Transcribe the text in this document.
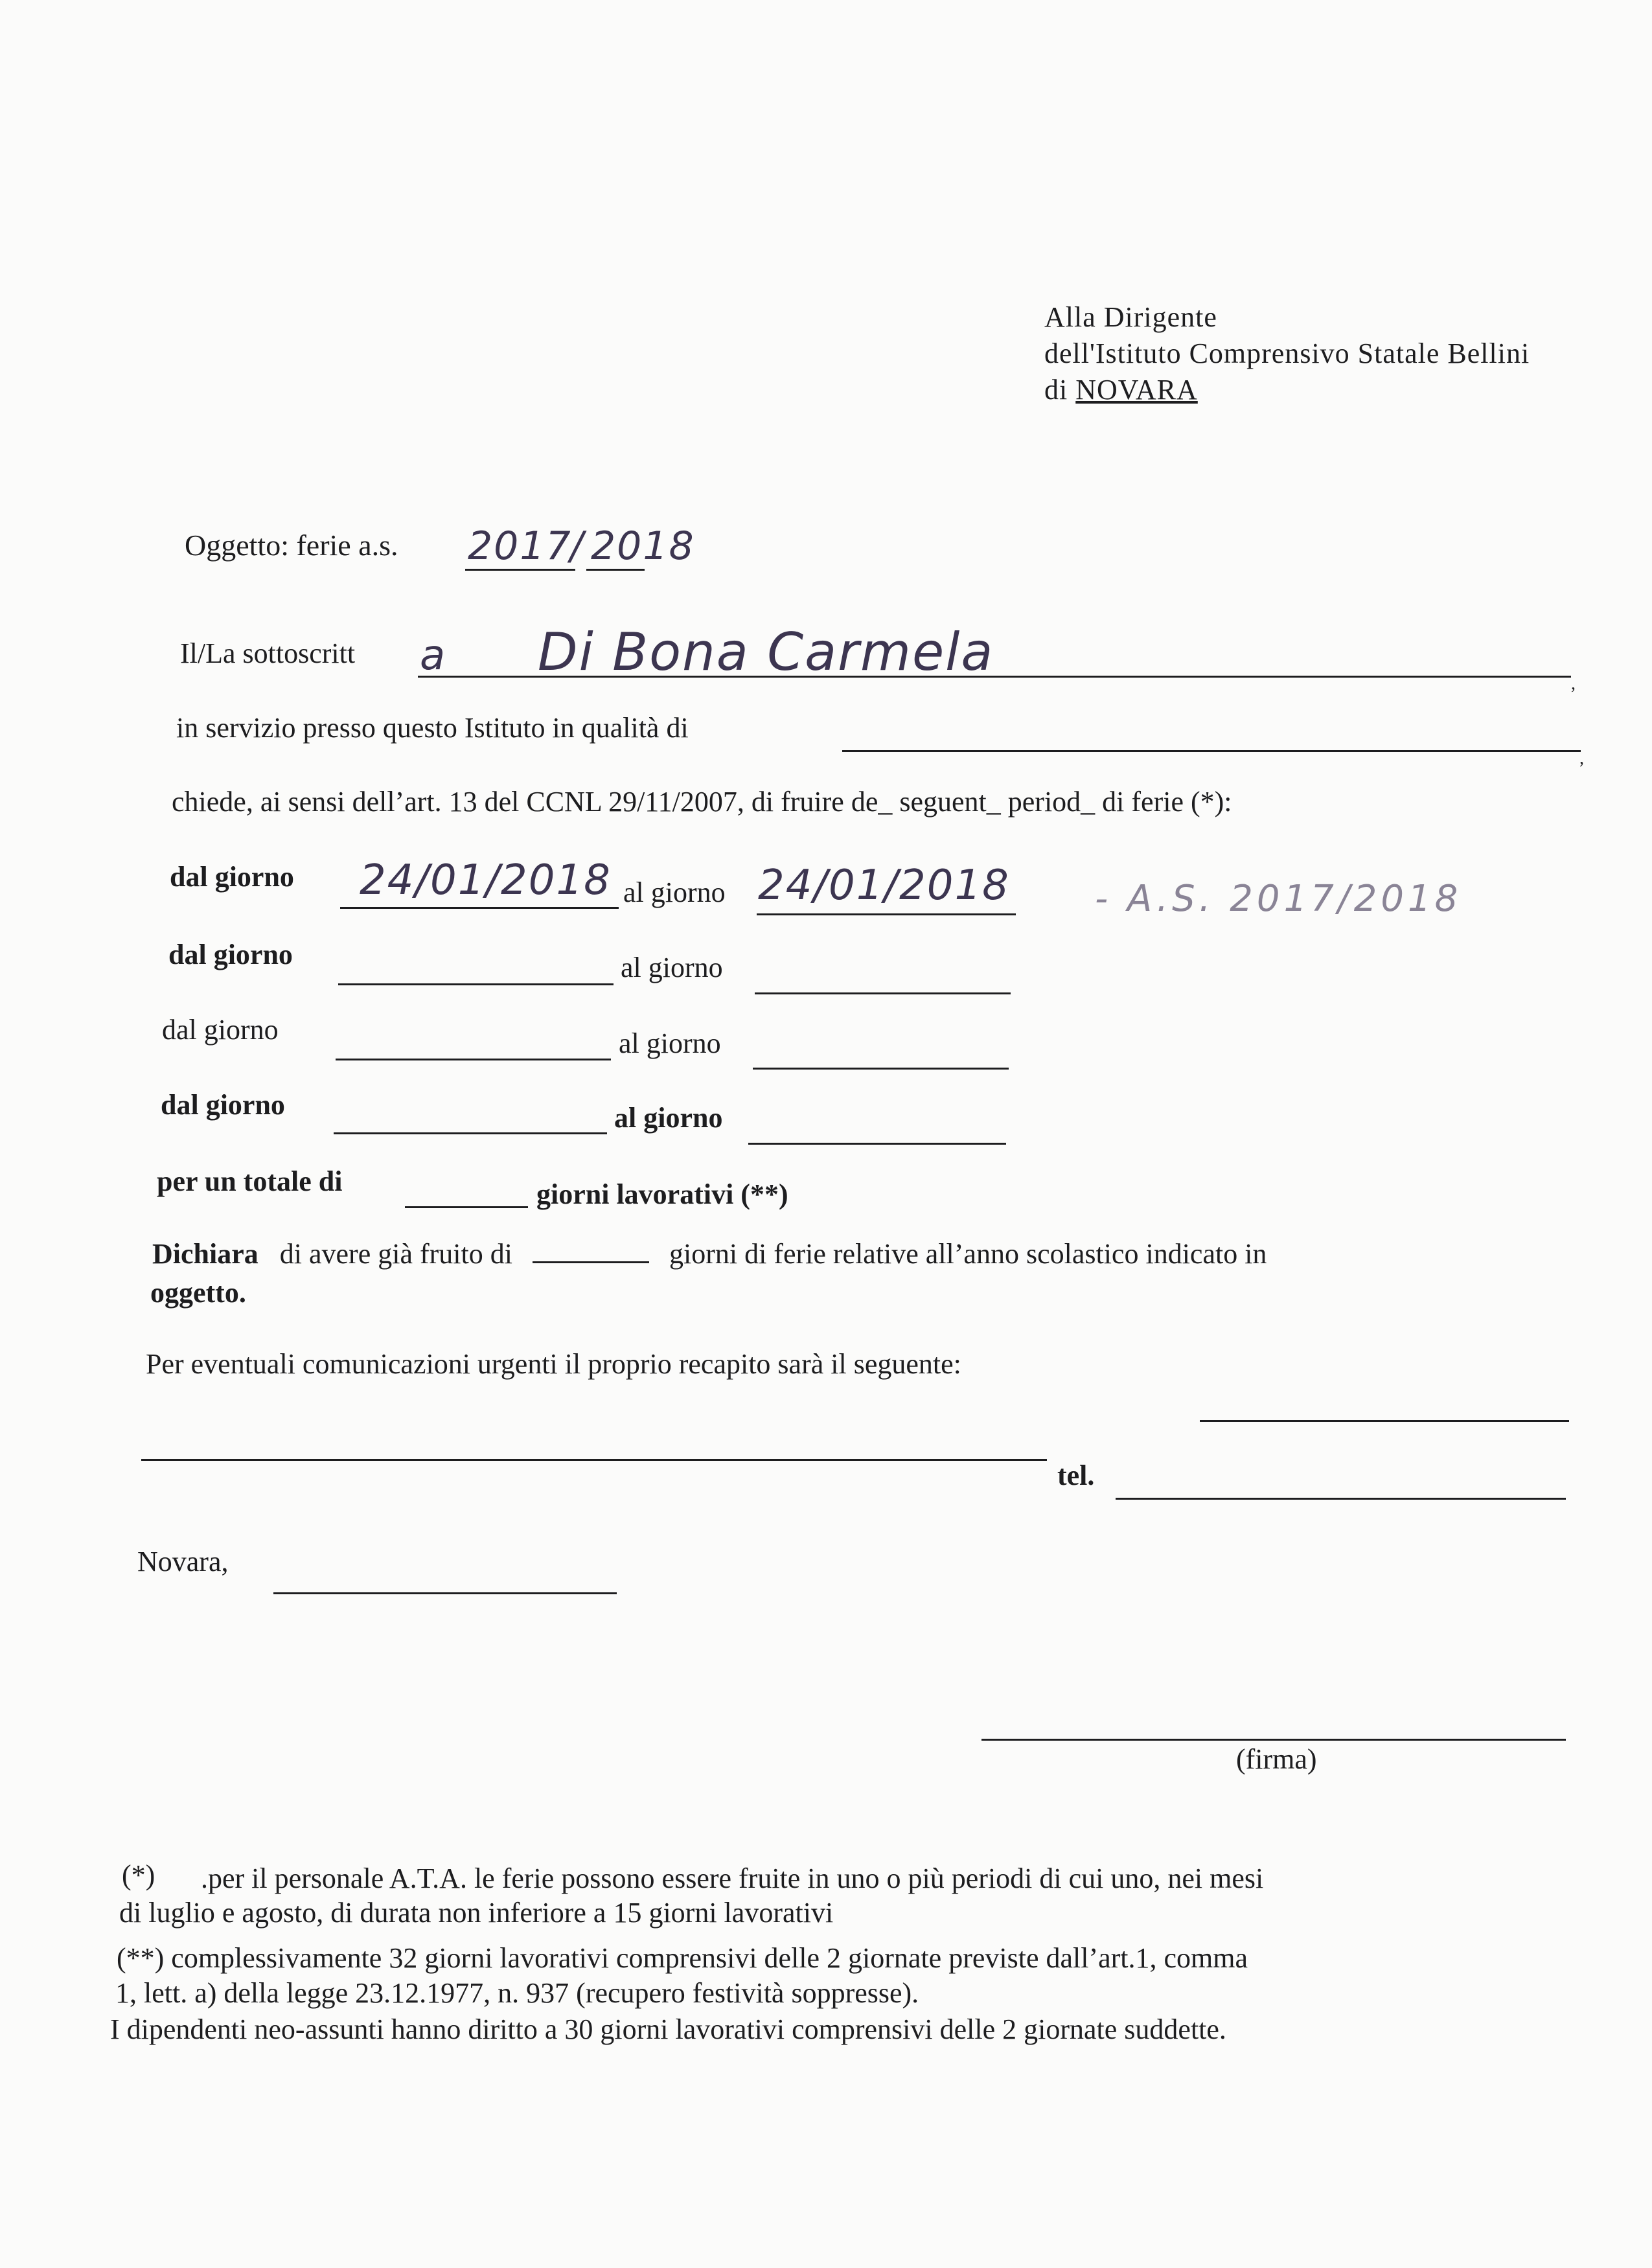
Alla Dirigente
dell'Istituto Comprensivo Statale Bellini
di NOVARA
Oggetto: ferie a.s. 2017
/ 2018
Il/La sottoscritt
,
a Di Bona Carmela
in servizio presso questo Istituto in qualità di
,
chiede, ai sensi dell’art. 13 del CCNL 29/11/2007, di fruire de_ seguent_ period_ di ferie (*):
dal giorno 24/01/2018 al giorno 24/01/2018 - A.S. 2017/2018
dal giorno	al giorno
dal giorno	al giorno
dal giorno	al giorno
per un totale di	giorni lavorativi (**)
Dichiara di avere già fruito di	giorni di ferie relative all’anno scolastico indicato in
oggetto.
Per eventuali comunicazioni urgenti il proprio recapito sarà il seguente:
tel.
Novara,
(firma)
(*) .per il personale A.T.A. le ferie possono essere fruite in uno o più periodi di cui uno, nei mesi
di luglio e agosto, di durata non inferiore a 15 giorni lavorativi
(**) complessivamente 32 giorni lavorativi comprensivi delle 2 giornate previste dall’art.1, comma
1, lett. a) della legge 23.12.1977, n. 937 (recupero festività soppresse).
I dipendenti neo-assunti hanno diritto a 30 giorni lavorativi comprensivi delle 2 giornate suddette.
